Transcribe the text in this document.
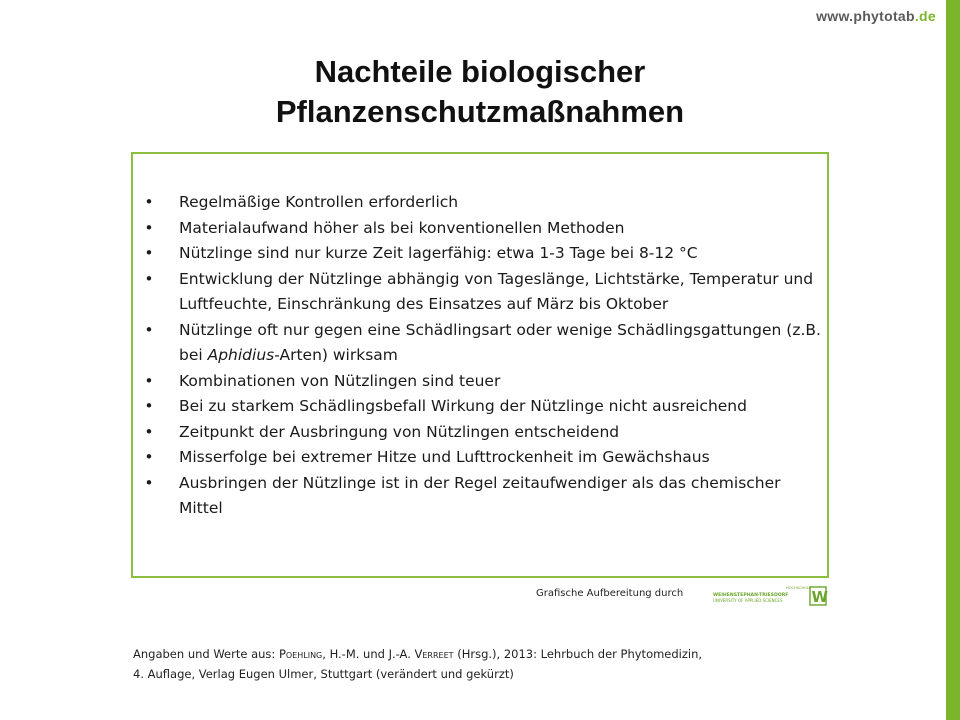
www.phytotab.de
Nachteile biologischer
Pflanzenschutzmaßnahmen
• Regelmäßige Kontrollen erforderlich
• Materialaufwand höher als bei konventionellen Methoden
• Nützlinge sind nur kurze Zeit lagerfähig: etwa 1-3 Tage bei 8-12 °C
• Entwicklung der Nützlinge abhängig von Tageslänge, Lichtstärke, Temperatur und Luftfeuchte, Einschränkung des Einsatzes auf März bis Oktober
• Nützlinge oft nur gegen eine Schädlingsart oder wenige Schädlingsgattungen (z.B. bei Aphidius-Arten) wirksam
• Kombinationen von Nützlingen sind teuer
• Bei zu starkem Schädlingsbefall Wirkung der Nützlinge nicht ausreichend
• Zeitpunkt der Ausbringung von Nützlingen entscheidend
• Misserfolge bei extremer Hitze und Lufttrockenheit im Gewächshaus
• Ausbringen der Nützlinge ist in der Regel zeitaufwendiger als das chemischer Mittel
Grafische Aufbereitung durch	HOCHSCHULE
WEIHENSTEPHAN-TRIESDORF
UNIVERSITY OF APPLIED SCIENCES W
Angaben und Werte aus: Poehling, H.-M. und J.-A. Verreet (Hrsg.), 2013: Lehrbuch der Phytomedizin,
4. Auflage, Verlag Eugen Ulmer, Stuttgart (verändert und gekürzt)
